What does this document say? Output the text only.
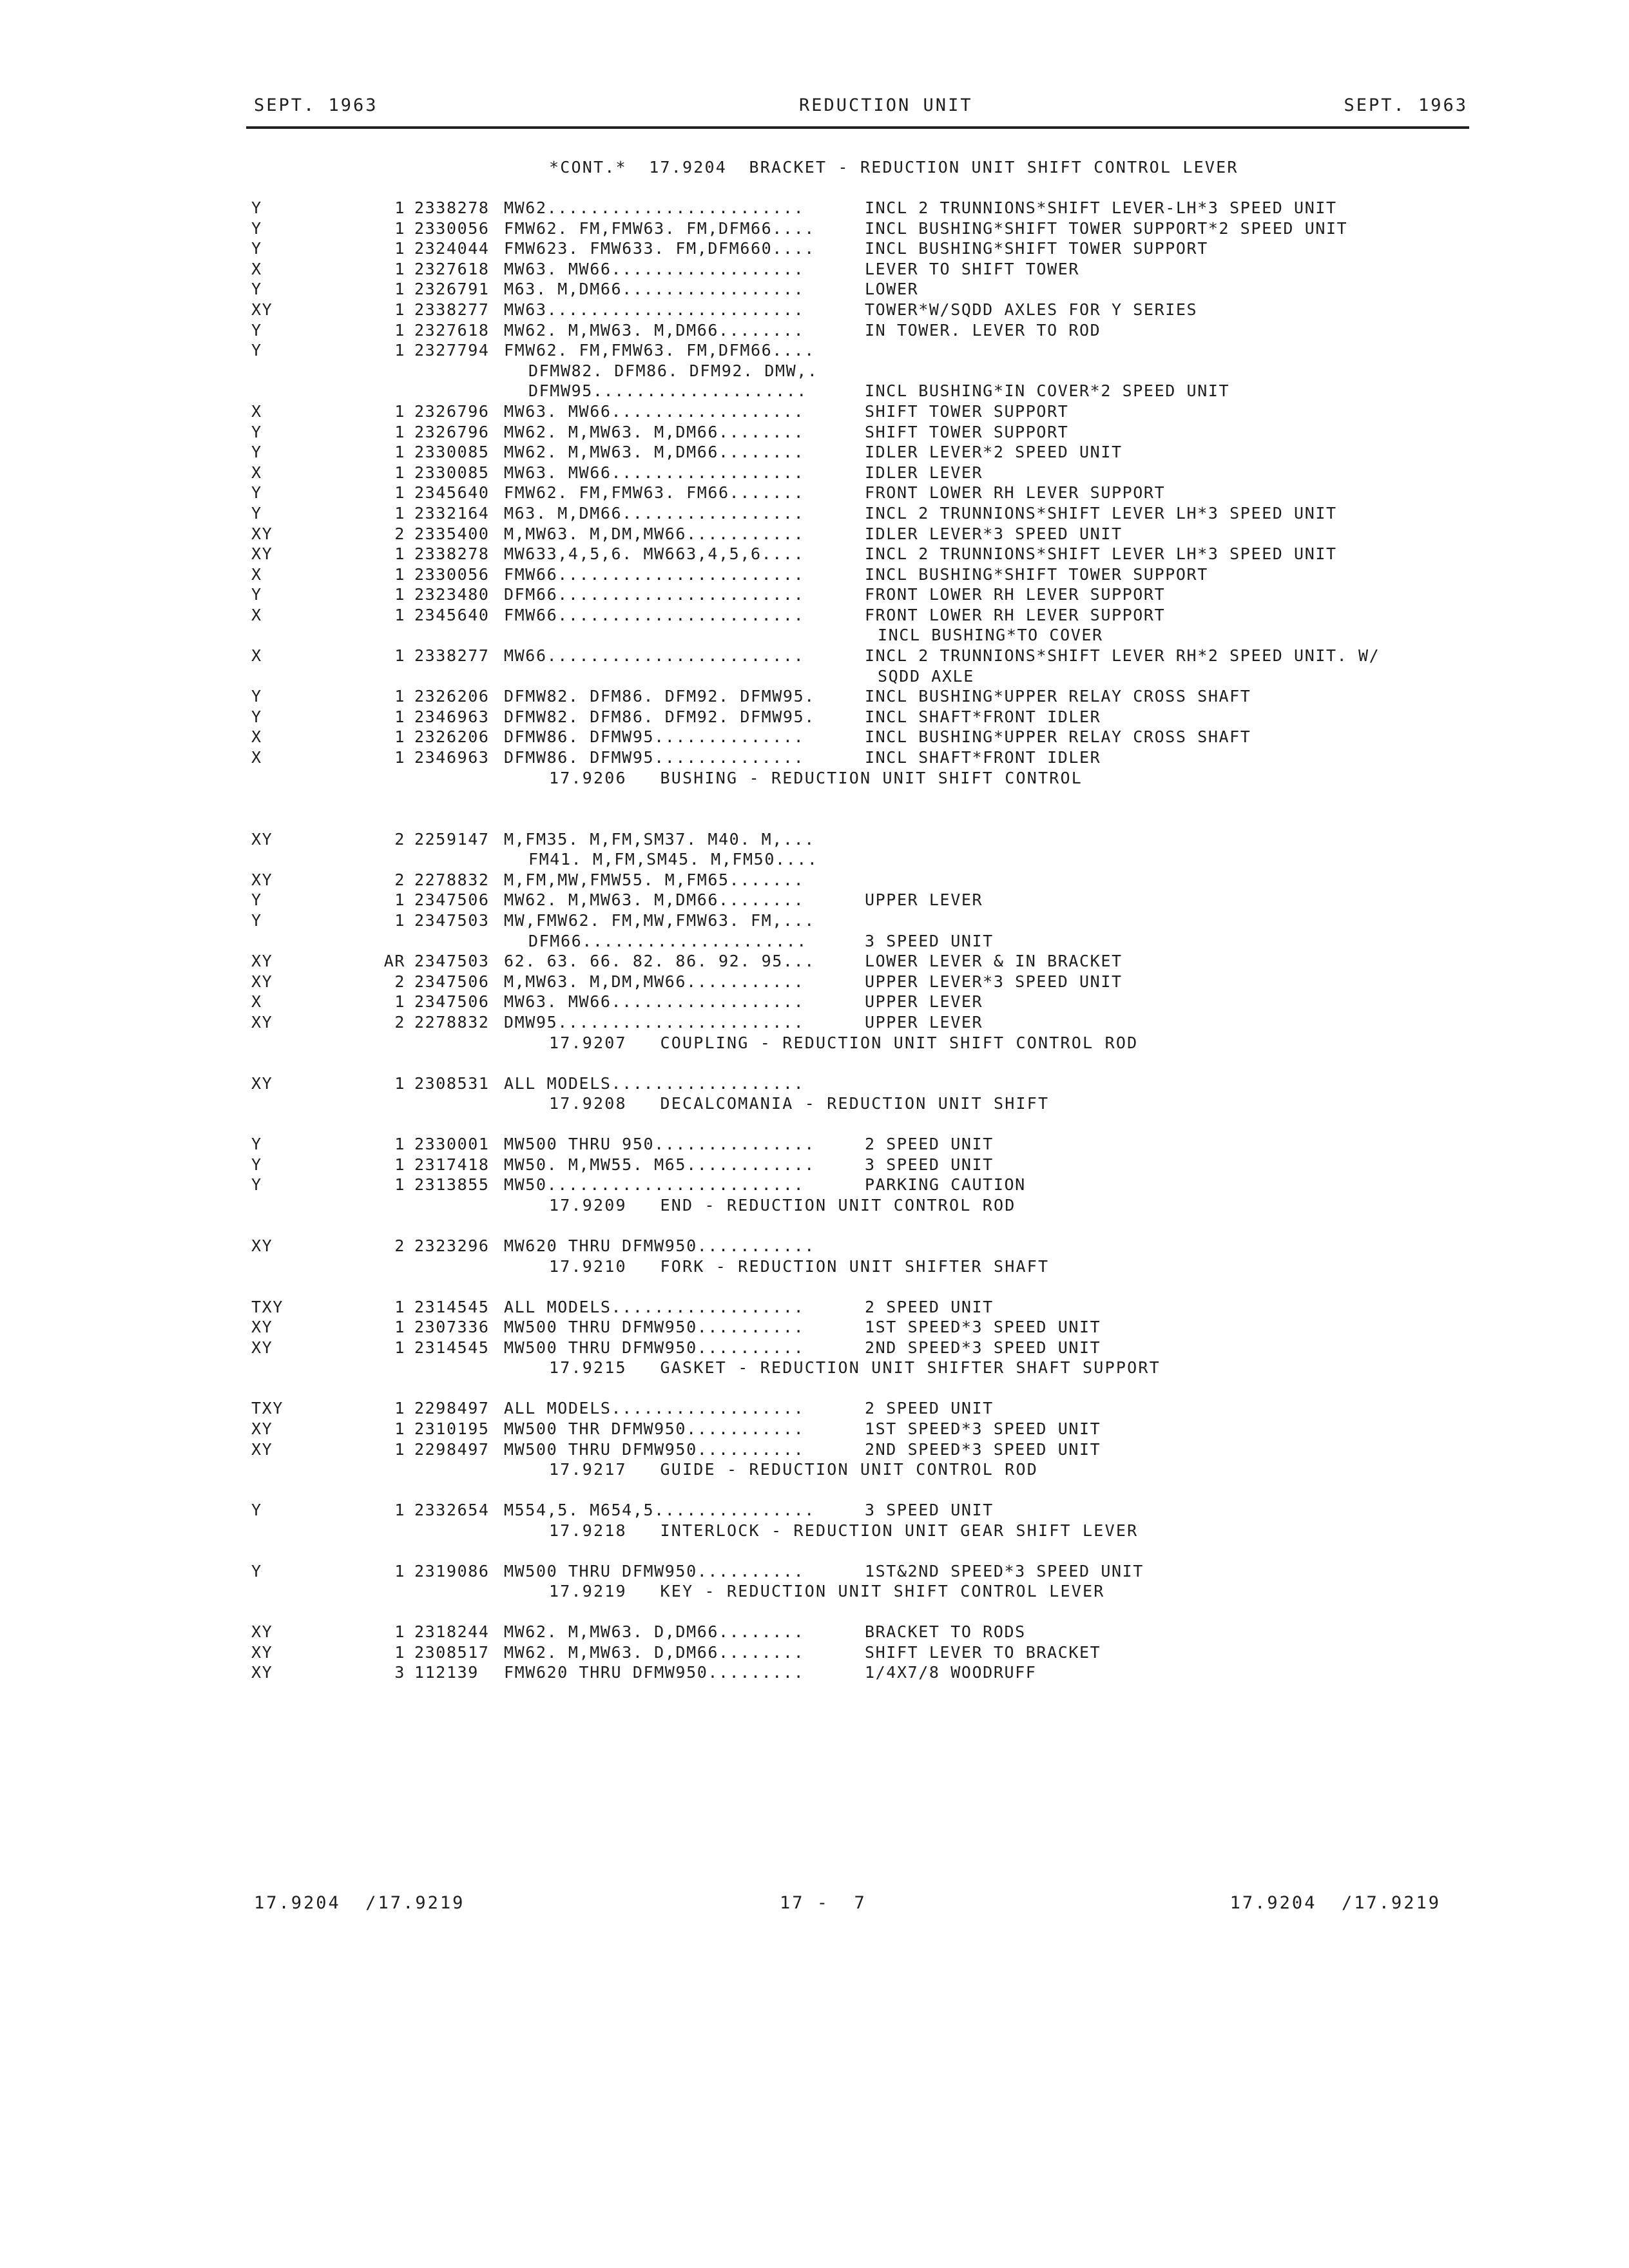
SEPT. 1963	REDUCTION UNIT	SEPT. 1963
*CONT.*  17.9204  BRACKET - REDUCTION UNIT SHIFT CONTROL LEVER
Y	1 2338278 MW62........................	INCL 2 TRUNNIONS*SHIFT LEVER-LH*3 SPEED UNIT
Y	1 2330056 FMW62. FM,FMW63. FM,DFM66....	INCL BUSHING*SHIFT TOWER SUPPORT*2 SPEED UNIT
Y	1 2324044 FMW623. FMW633. FM,DFM660....	INCL BUSHING*SHIFT TOWER SUPPORT
X	1 2327618 MW63. MW66..................	LEVER TO SHIFT TOWER
Y	1 2326791 M63. M,DM66.................	LOWER
XY	1 2338277 MW63........................	TOWER*W/SQDD AXLES FOR Y SERIES
Y	1 2327618 MW62. M,MW63. M,DM66........	IN TOWER. LEVER TO ROD
Y	1 2327794 FMW62. FM,FMW63. FM,DFM66....
DFMW82. DFM86. DFM92. DMW,.
DFMW95....................	INCL BUSHING*IN COVER*2 SPEED UNIT
X	1 2326796 MW63. MW66..................	SHIFT TOWER SUPPORT
Y	1 2326796 MW62. M,MW63. M,DM66........	SHIFT TOWER SUPPORT
Y	1 2330085 MW62. M,MW63. M,DM66........	IDLER LEVER*2 SPEED UNIT
X	1 2330085 MW63. MW66..................	IDLER LEVER
Y	1 2345640 FMW62. FM,FMW63. FM66.......	FRONT LOWER RH LEVER SUPPORT
Y	1 2332164 M63. M,DM66.................	INCL 2 TRUNNIONS*SHIFT LEVER LH*3 SPEED UNIT
XY	2 2335400 M,MW63. M,DM,MW66...........	IDLER LEVER*3 SPEED UNIT
XY	1 2338278 MW633,4,5,6. MW663,4,5,6....	INCL 2 TRUNNIONS*SHIFT LEVER LH*3 SPEED UNIT
X	1 2330056 FMW66.......................	INCL BUSHING*SHIFT TOWER SUPPORT
Y	1 2323480 DFM66.......................	FRONT LOWER RH LEVER SUPPORT
X	1 2345640 FMW66.......................	FRONT LOWER RH LEVER SUPPORT
INCL BUSHING*TO COVER
X	1 2338277 MW66........................	INCL 2 TRUNNIONS*SHIFT LEVER RH*2 SPEED UNIT. W/
SQDD AXLE
Y	1 2326206 DFMW82. DFM86. DFM92. DFMW95.	INCL BUSHING*UPPER RELAY CROSS SHAFT
Y	1 2346963 DFMW82. DFM86. DFM92. DFMW95.	INCL SHAFT*FRONT IDLER
X	1 2326206 DFMW86. DFMW95..............	INCL BUSHING*UPPER RELAY CROSS SHAFT
X	1 2346963 DFMW86. DFMW95..............	INCL SHAFT*FRONT IDLER
17.9206   BUSHING - REDUCTION UNIT SHIFT CONTROL
XY	2 2259147 M,FM35. M,FM,SM37. M40. M,...
FM41. M,FM,SM45. M,FM50....
XY	2 2278832 M,FM,MW,FMW55. M,FM65.......
Y	1 2347506 MW62. M,MW63. M,DM66........	UPPER LEVER
Y	1 2347503 MW,FMW62. FM,MW,FMW63. FM,...
DFM66.....................	3 SPEED UNIT
XY	AR 2347503 62. 63. 66. 82. 86. 92. 95...	LOWER LEVER & IN BRACKET
XY	2 2347506 M,MW63. M,DM,MW66...........	UPPER LEVER*3 SPEED UNIT
X	1 2347506 MW63. MW66..................	UPPER LEVER
XY	2 2278832 DMW95.......................	UPPER LEVER
17.9207   COUPLING - REDUCTION UNIT SHIFT CONTROL ROD
XY	1 2308531 ALL MODELS..................
17.9208   DECALCOMANIA - REDUCTION UNIT SHIFT
Y	1 2330001 MW500 THRU 950...............	2 SPEED UNIT
Y	1 2317418 MW50. M,MW55. M65............	3 SPEED UNIT
Y	1 2313855 MW50........................	PARKING CAUTION
17.9209   END - REDUCTION UNIT CONTROL ROD
XY	2 2323296 MW620 THRU DFMW950...........
17.9210   FORK - REDUCTION UNIT SHIFTER SHAFT
TXY	1 2314545 ALL MODELS..................	2 SPEED UNIT
XY	1 2307336 MW500 THRU DFMW950..........	1ST SPEED*3 SPEED UNIT
XY	1 2314545 MW500 THRU DFMW950..........	2ND SPEED*3 SPEED UNIT
17.9215   GASKET - REDUCTION UNIT SHIFTER SHAFT SUPPORT
TXY	1 2298497 ALL MODELS..................	2 SPEED UNIT
XY	1 2310195 MW500 THR DFMW950...........	1ST SPEED*3 SPEED UNIT
XY	1 2298497 MW500 THRU DFMW950..........	2ND SPEED*3 SPEED UNIT
17.9217   GUIDE - REDUCTION UNIT CONTROL ROD
Y	1 2332654 M554,5. M654,5...............	3 SPEED UNIT
17.9218   INTERLOCK - REDUCTION UNIT GEAR SHIFT LEVER
Y	1 2319086 MW500 THRU DFMW950..........	1ST&2ND SPEED*3 SPEED UNIT
17.9219   KEY - REDUCTION UNIT SHIFT CONTROL LEVER
XY	1 2318244 MW62. M,MW63. D,DM66........	BRACKET TO RODS
XY	1 2308517 MW62. M,MW63. D,DM66........	SHIFT LEVER TO BRACKET
XY	3 112139 FMW620 THRU DFMW950.........	1/4X7/8 WOODRUFF
17.9204  /17.9219	17 -  7	17.9204  /17.9219
